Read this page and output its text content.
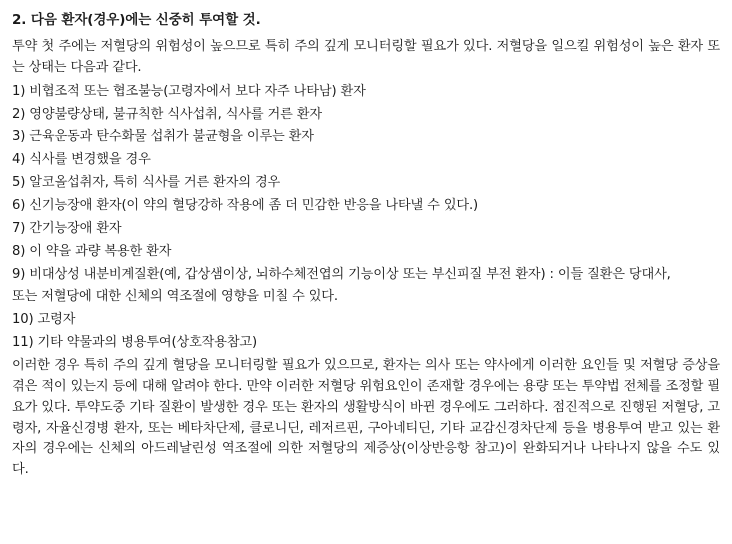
2. 다음 환자(경우)에는 신중히 투여할 것.

투약 첫 주에는 저혈당의 위험성이 높으므로 특히 주의 깊게 모니터링할 필요가 있다. 저혈당을 일으킬 위험성이 높은 환자 또는 상태는 다음과 같다.

1) 비협조적 또는 협조불능(고령자에서 보다 자주 나타남) 환자

2) 영양불량상태, 불규칙한 식사섭취, 식사를 거른 환자

3) 근육운동과 탄수화물 섭취가 불균형을 이루는 환자

4) 식사를 변경했을 경우

5) 알코올섭취자, 특히 식사를 거른 환자의 경우

6) 신기능장애 환자(이 약의 혈당강하 작용에 좀 더 민감한 반응을 나타낼 수 있다.)

7) 간기능장애 환자

8) 이 약을 과량 복용한 환자

9) 비대상성 내분비계질환(예, 갑상샘이상, 뇌하수체전엽의 기능이상 또는 부신피질 부전 환자) : 이들 질환은 당대사,

또는 저혈당에 대한 신체의 역조절에 영향을 미칠 수 있다.

10) 고령자

11) 기타 약물과의 병용투여(상호작용참고)

이러한 경우 특히 주의 깊게 혈당을 모니터링할 필요가 있으므로, 환자는 의사 또는 약사에게 이러한 요인들 및 저혈당 증상을 겪은 적이 있는지 등에 대해 알려야 한다. 만약 이러한 저혈당 위험요인이 존재할 경우에는 용량 또는 투약법 전체를 조정할 필요가 있다. 투약도중 기타 질환이 발생한 경우 또는 환자의 생활방식이 바뀐 경우에도 그러하다. 점진적으로 진행된 저혈당, 고령자, 자율신경병 환자, 또는 베타차단제, 클로니딘, 레저르핀, 구아네티딘, 기타 교감신경차단제 등을 병용투여 받고 있는 환자의 경우에는 신체의 아드레날린성 역조절에 의한 저혈당의 제증상(이상반응항 참고)이 완화되거나 나타나지 않을 수도 있다.
